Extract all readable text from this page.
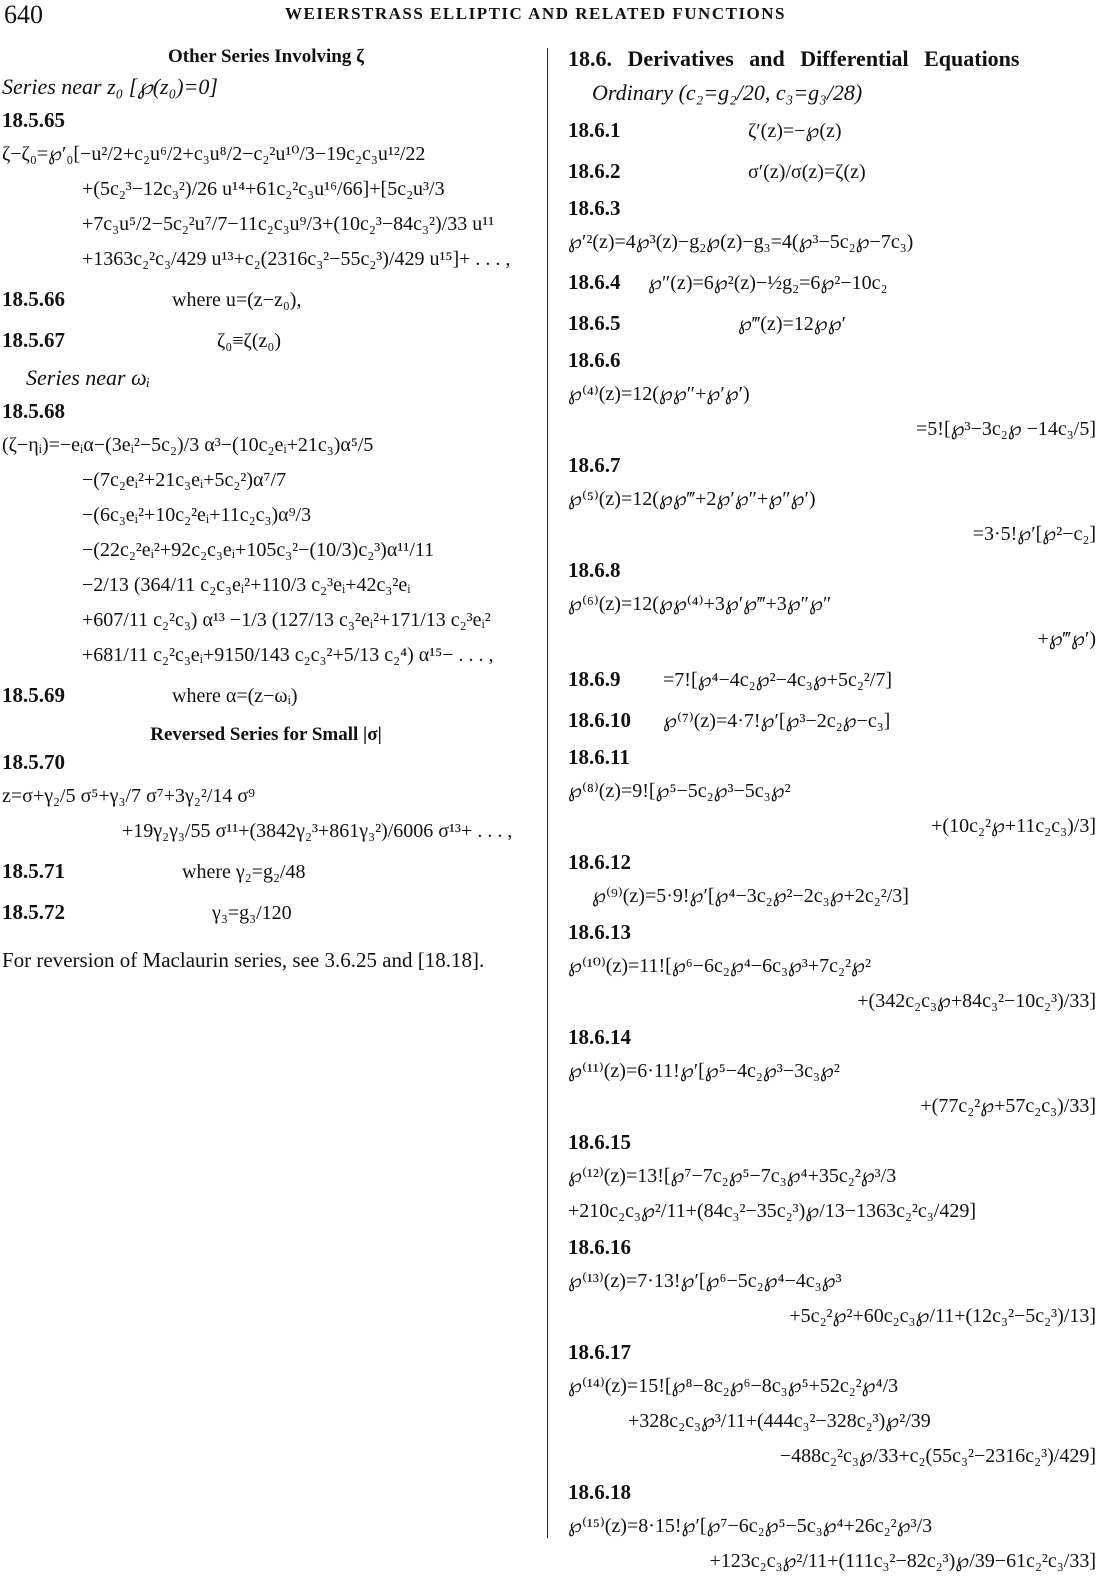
640	WEIERSTRASS ELLIPTIC AND RELATED FUNCTIONS
Other Series Involving ζ
Series near z₀ [℘(z₀)=0]
18.5.65
ζ−ζ₀=℘′₀[−u²/2+c₂u⁶/2+c₃u⁸/2−c₂²u¹⁰/3−19c₂c₃u¹²/22
+(5c₂³−12c₃²)/26 u¹⁴+61c₂²c₃u¹⁶/66]+[5c₂u³/3
+7c₃u⁵/2−5c₂²u⁷/7−11c₂c₃u⁹/3+(10c₂³−84c₃²)/33 u¹¹
+1363c₂²c₃/429 u¹³+c₂(2316c₃²−55c₂³)/429 u¹⁵]+ . . . ,
18.5.66	where u=(z−z₀),
18.5.67	ζ₀≡ζ(z₀)
Series near ωᵢ
18.5.68
(ζ−ηᵢ)=−eᵢα−(3eᵢ²−5c₂)/3 α³−(10c₂eᵢ+21c₃)α⁵/5
−(7c₂eᵢ²+21c₃eᵢ+5c₂²)α⁷/7
−(6c₃eᵢ²+10c₂²eᵢ+11c₂c₃)α⁹/3
−(22c₂²eᵢ²+92c₂c₃eᵢ+105c₃²−(10/3)c₂³)α¹¹/11
−2/13 (364/11 c₂c₃eᵢ²+110/3 c₂³eᵢ+42c₃²eᵢ
+607/11 c₂²c₃) α¹³ −1/3 (127/13 c₃²eᵢ²+171/13 c₂³eᵢ²
+681/11 c₂²c₃eᵢ+9150/143 c₂c₃²+5/13 c₂⁴) α¹⁵− . . . ,
18.5.69	where α=(z−ωᵢ)
Reversed Series for Small |σ|
18.5.70
z=σ+γ₂/5 σ⁵+γ₃/7 σ⁷+3γ₂²/14 σ⁹
+19γ₂γ₃/55 σ¹¹+(3842γ₂³+861γ₃²)/6006 σ¹³+ . . . ,
18.5.71	where γ₂=g₂/48
18.5.72	γ₃=g₃/120
For reversion of Maclaurin series, see 3.6.25 and [18.18].
18.6. Derivatives and Differential Equations
Ordinary (c₂=g₂/20, c₃=g₃/28)
18.6.1	ζ′(z)=−℘(z)
18.6.2	σ′(z)/σ(z)=ζ(z)
18.6.3
℘′²(z)=4℘³(z)−g₂℘(z)−g₃=4(℘³−5c₂℘−7c₃)
18.6.4	℘″(z)=6℘²(z)−½g₂=6℘²−10c₂
18.6.5	℘‴(z)=12℘℘′
18.6.6
℘⁽⁴⁾(z)=12(℘℘″+℘′℘′)
=5![℘³−3c₂℘ −14c₃/5]
18.6.7
℘⁽⁵⁾(z)=12(℘℘‴+2℘′℘″+℘″℘′)
=3·5!℘′[℘²−c₂]
18.6.8
℘⁽⁶⁾(z)=12(℘℘⁽⁴⁾+3℘′℘‴+3℘″℘″
+℘‴℘′)
18.6.9	=7![℘⁴−4c₂℘²−4c₃℘+5c₂²/7]
18.6.10	℘⁽⁷⁾(z)=4·7!℘′[℘³−2c₂℘−c₃]
18.6.11
℘⁽⁸⁾(z)=9![℘⁵−5c₂℘³−5c₃℘²
+(10c₂²℘+11c₂c₃)/3]
18.6.12
℘⁽⁹⁾(z)=5·9!℘′[℘⁴−3c₂℘²−2c₃℘+2c₂²/3]
18.6.13
℘⁽¹⁰⁾(z)=11![℘⁶−6c₂℘⁴−6c₃℘³+7c₂²℘²
+(342c₂c₃℘+84c₃²−10c₂³)/33]
18.6.14
℘⁽¹¹⁾(z)=6·11!℘′[℘⁵−4c₂℘³−3c₃℘²
+(77c₂²℘+57c₂c₃)/33]
18.6.15
℘⁽¹²⁾(z)=13![℘⁷−7c₂℘⁵−7c₃℘⁴+35c₂²℘³/3
+210c₂c₃℘²/11+(84c₃²−35c₂³)℘/13−1363c₂²c₃/429]
18.6.16
℘⁽¹³⁾(z)=7·13!℘′[℘⁶−5c₂℘⁴−4c₃℘³
+5c₂²℘²+60c₂c₃℘/11+(12c₃²−5c₂³)/13]
18.6.17
℘⁽¹⁴⁾(z)=15![℘⁸−8c₂℘⁶−8c₃℘⁵+52c₂²℘⁴/3
+328c₂c₃℘³/11+(444c₃²−328c₂³)℘²/39
−488c₂²c₃℘/33+c₂(55c₃²−2316c₂³)/429]
18.6.18
℘⁽¹⁵⁾(z)=8·15!℘′[℘⁷−6c₂℘⁵−5c₃℘⁴+26c₂²℘³/3
+123c₂c₃℘²/11+(111c₃²−82c₂³)℘/39−61c₂²c₃/33]
